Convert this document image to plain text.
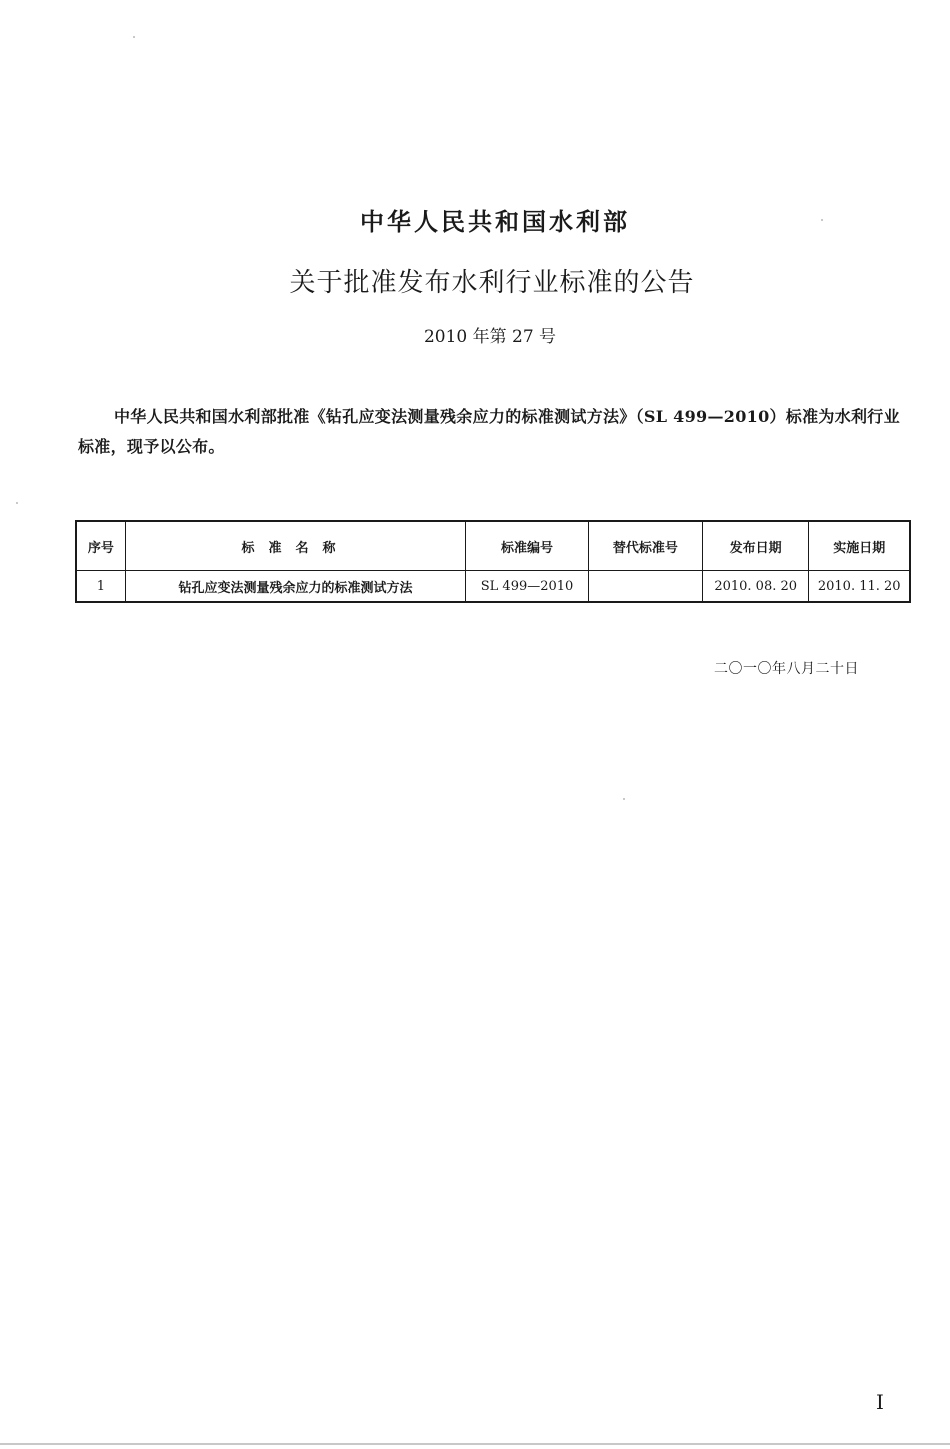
中华人民共和国水利部
关于批准发布水利行业标准的公告

2010 年第 27 号

中华人民共和国水利部批准《钻孔应变法测量残余应力的标准测试方法》（SL 499—2010）标准为水利行业标准，现予以公布。

序号	标准名称	标准编号	替代标准号	发布日期	实施日期
1	钻孔应变法测量残余应力的标准测试方法	SL 499—2010		2010. 08. 20	2010. 11. 20

二〇一〇年八月二十日

I
